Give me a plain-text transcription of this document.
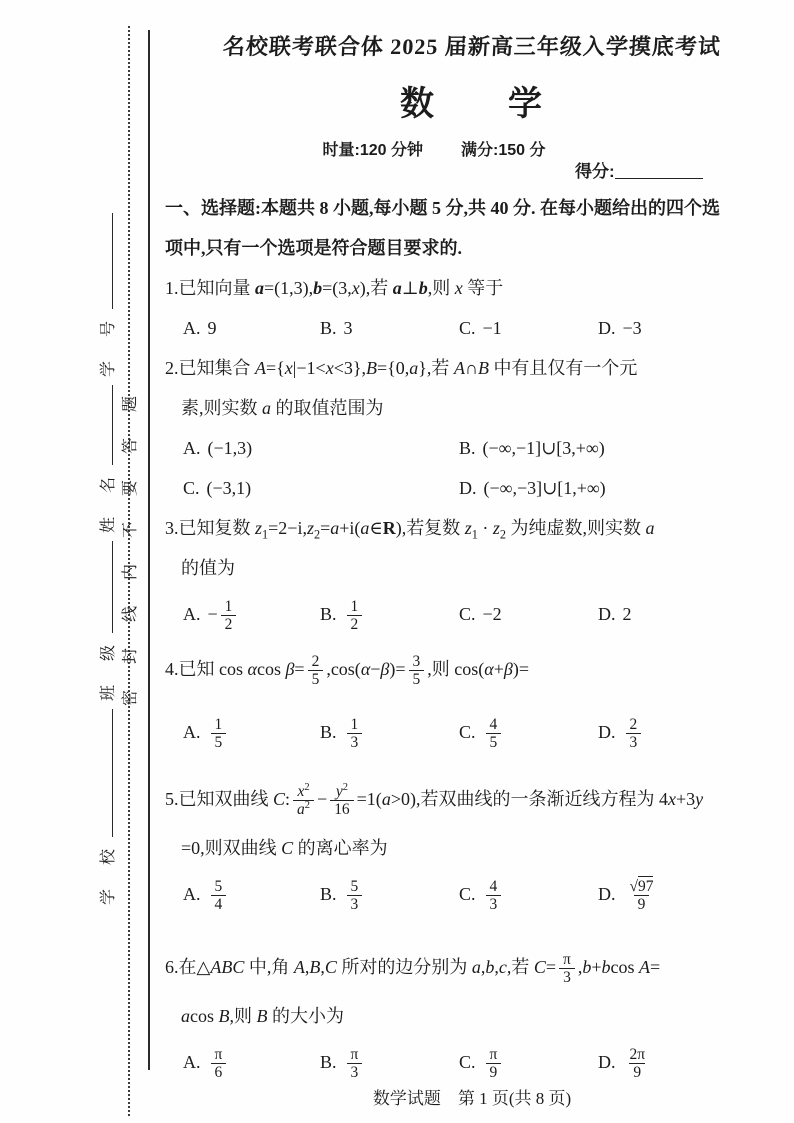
学 校班 级姓 名学 号
密封线内不要答题
名校联考联合体 2025 届新高三年级入学摸底考试
数　　学
时量:120 分钟 满分:150 分
得分:
一、选择题:本题共 8 小题,每小题 5 分,共 40 分. 在每小题给出的四个选
项中,只有一个选项是符合题目要求的.
1.已知向量 a=(1,3),b=(3,x),若 a⊥b,则 x 等于
A. 9	B. 3	C. −1	D. −3
2.已知集合 A={x|−1<x<3},B={0,a},若 A∩B 中有且仅有一个元
素,则实数 a 的取值范围为
A. (−1,3)	B. (−∞,−1]∪[3,+∞)
C. (−3,1)	D. (−∞,−3]∪[1,+∞)
3.已知复数 $z_1=2-i,z_2=a+i(a\in R)$,若复数 $z_1 \cdot z_2$ 为纯虚数,则实数 a
的值为
A. − $\frac{1}{2}$	B. $\frac{1}{2}$	C. −2	D. 2
4.已知 cos αcos $\beta= \frac{2}{5} ,\cos(\alpha-\beta)= \frac{3}{5}$ ,则 cos(α+β)=
A. $\frac{1}{5}$	B. $\frac{1}{3}$	C. $\frac{4}{5}$	D. $\frac{2}{3}$
5.已知双曲线 C: $\frac{x^2}{a^2} - \frac{y^2}{16} =1(a>0)$,若双曲线的一条渐近线方程为 4x+3y
=0,则双曲线 C 的离心率为
A. $\frac{5}{4}$	B. $\frac{5}{3}$	C. $\frac{4}{3}$	D. $\frac{√97}{9}$
6.在△ABC 中,角 A,B,C 所对的边分别为 a,b,c,若 $C= \frac{\pi}{3} ,b+bcos$ A=
acos B,则 B 的大小为
A. $\frac{\pi}{6}$	B. $\frac{\pi}{3}$	C. $\frac{\pi}{9}$	D. $\frac{2\pi}{9}$
数学试题　第 1 页(共 8 页)
